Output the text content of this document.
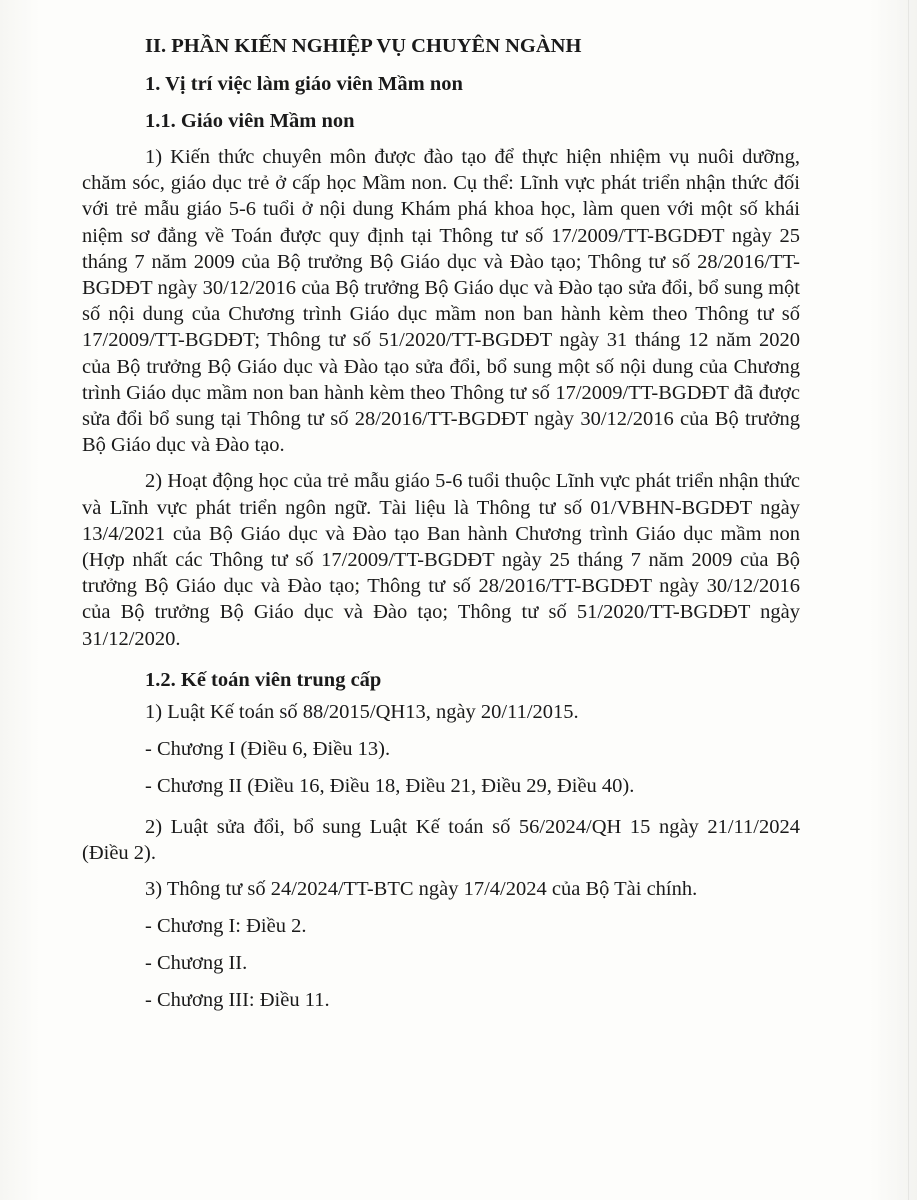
II. PHẦN KIẾN NGHIỆP VỤ CHUYÊN NGÀNH
1. Vị trí việc làm giáo viên Mầm non
1.1. Giáo viên Mầm non

1) Kiến thức chuyên môn được đào tạo để thực hiện nhiệm vụ nuôi dưỡng, chăm sóc, giáo dục trẻ ở cấp học Mầm non. Cụ thể: Lĩnh vực phát triển nhận thức đối với trẻ mẫu giáo 5-6 tuổi ở nội dung Khám phá khoa học, làm quen với một số khái niệm sơ đẳng về Toán được quy định tại Thông tư số 17/2009/TT-BGDĐT ngày 25 tháng 7 năm 2009 của Bộ trưởng Bộ Giáo dục và Đào tạo; Thông tư số 28/2016/TT-BGDĐT ngày 30/12/2016 của Bộ trưởng Bộ Giáo dục và Đào tạo sửa đổi, bổ sung một số nội dung của Chương trình Giáo dục mầm non ban hành kèm theo Thông tư số 17/2009/TT-BGDĐT; Thông tư số 51/2020/TT-BGDĐT ngày 31 tháng 12 năm 2020 của Bộ trưởng Bộ Giáo dục và Đào tạo sửa đổi, bổ sung một số nội dung của Chương trình Giáo dục mầm non ban hành kèm theo Thông tư số 17/2009/TT-BGDĐT đã được sửa đổi bổ sung tại Thông tư số 28/2016/TT-BGDĐT ngày 30/12/2016 của Bộ trưởng Bộ Giáo dục và Đào tạo.

2) Hoạt động học của trẻ mẫu giáo 5-6 tuổi thuộc Lĩnh vực phát triển nhận thức và Lĩnh vực phát triển ngôn ngữ. Tài liệu là Thông tư số 01/VBHN-BGDĐT ngày 13/4/2021 của Bộ Giáo dục và Đào tạo Ban hành Chương trình Giáo dục mầm non (Hợp nhất các Thông tư số 17/2009/TT-BGDĐT ngày 25 tháng 7 năm 2009 của Bộ trưởng Bộ Giáo dục và Đào tạo; Thông tư số 28/2016/TT-BGDĐT ngày 30/12/2016 của Bộ trưởng Bộ Giáo dục và Đào tạo; Thông tư số 51/2020/TT-BGDĐT ngày 31/12/2020.

1.2. Kế toán viên trung cấp

1) Luật Kế toán số 88/2015/QH13, ngày 20/11/2015.

- Chương I (Điều 6, Điều 13).

- Chương II (Điều 16, Điều 18, Điều 21, Điều 29, Điều 40).

2) Luật sửa đổi, bổ sung Luật Kế toán số 56/2024/QH 15 ngày 21/11/2024 (Điều 2).

3) Thông tư số 24/2024/TT-BTC ngày 17/4/2024 của Bộ Tài chính.

- Chương I: Điều 2.

- Chương II.

- Chương III: Điều 11.
